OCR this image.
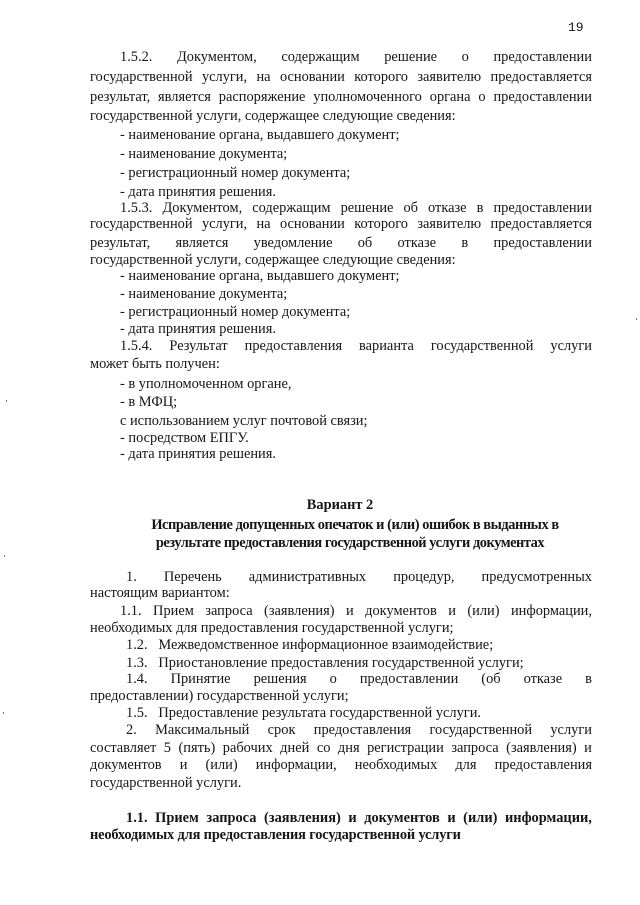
19
1.5.2. Документом, содержащим решение о предоставлении
государственной услуги, на основании которого заявителю предоставляется
результат, является распоряжение уполномоченного органа о предоставлении
государственной услуги, содержащее следующие сведения:
- наименование органа, выдавшего документ;
- наименование документа;
- регистрационный номер документа;
- дата принятия решения.
1.5.3. Документом, содержащим решение об отказе в предоставлении
государственной услуги, на основании которого заявителю предоставляется
результат, является уведомление об отказе в предоставлении
государственной услуги, содержащее следующие сведения:
- наименование органа, выдавшего документ;
- наименование документа;
- регистрационный номер документа;
- дата принятия решения.
1.5.4. Результат предоставления варианта государственной услуги
может быть получен:
- в уполномоченном органе,
- в МФЦ;
с использованием услуг почтовой связи;
- посредством ЕПГУ.
- дата принятия решения.
Вариант 2
Исправление допущенных опечаток и (или) ошибок в выданных в
результате предоставления государственной услуги документах
1. Перечень административных процедур, предусмотренных
настоящим вариантом:
1.1. Прием запроса (заявления) и документов и (или) информации,
необходимых для предоставления государственной услуги;
1.2. Межведомственное информационное взаимодействие;
1.3. Приостановление предоставления государственной услуги;
1.4. Принятие решения о предоставлении (об отказе в
предоставлении) государственной услуги;
1.5. Предоставление результата государственной услуги.
2. Максимальный срок предоставления государственной услуги
составляет 5 (пять) рабочих дней со дня регистрации запроса (заявления) и
документов и (или) информации, необходимых для предоставления
государственной услуги.
1.1. Прием запроса (заявления) и документов и (или) информации,
необходимых для предоставления государственной услуги
